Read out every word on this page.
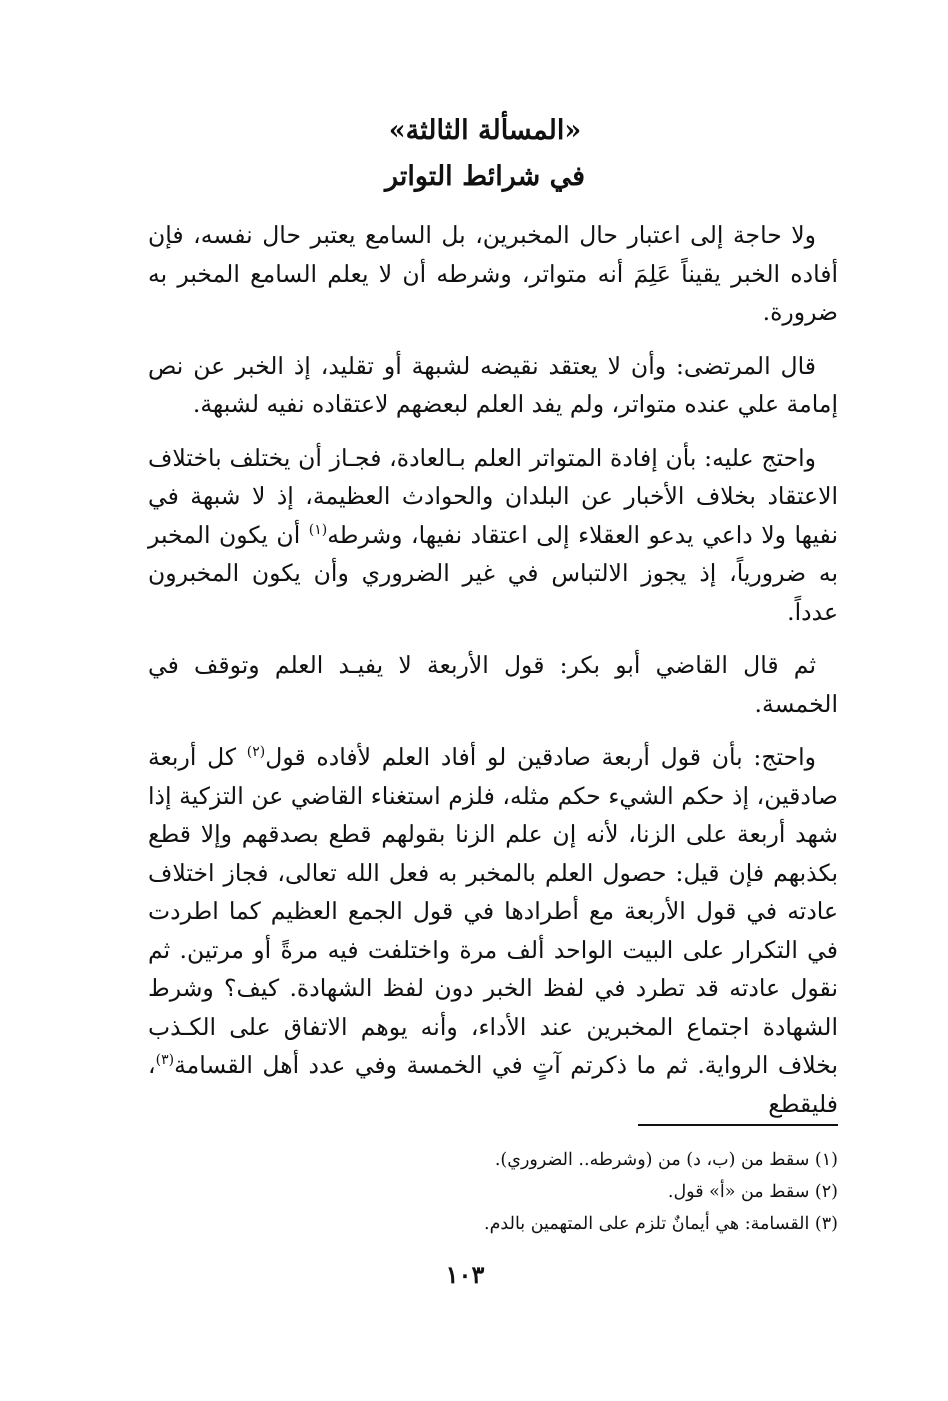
«المسألة الثالثة»
في شرائط التواتر

ولا حاجة إلى اعتبار حال المخبرين، بل السامع يعتبر حال نفسه، فإن أفاده الخبر يقيناً عَلِمَ أنه متواتر، وشرطه أن لا يعلم السامع المخبر به ضرورة.

قال المرتضى: وأن لا يعتقد نقيضه لشبهة أو تقليد، إذ الخبر عن نص إمامة علي عنده متواتر، ولم يفد العلم لبعضهم لاعتقاده نفيه لشبهة.

واحتج عليه: بأن إفادة المتواتر العلم بـالعادة، فجـاز أن يختلف باختلاف الاعتقاد بخلاف الأخبار عن البلدان والحوادث العظيمة، إذ لا شبهة في نفيها ولا داعي يدعو العقلاء إلى اعتقاد نفيها، وشرطه$^{(١)}$ أن يكون المخبر به ضرورياً، إذ يجوز الالتباس في غير الضروري وأن يكون المخبرون عدداً.

ثم قال القاضي أبو بكر: قول الأربعة لا يفيـد العلم وتوقف في الخمسة.

واحتج: بأن قول أربعة صادقين لو أفاد العلم لأفاده قول$^{(٢)}$ كل أربعة صادقين، إذ حكم الشيء حكم مثله، فلزم استغناء القاضي عن التزكية إذا شهد أربعة على الزنا، لأنه إن علم الزنا بقولهم قطع بصدقهم وإلا قطع بكذبهم فإن قيل: حصول العلم بالمخبر به فعل الله تعالى، فجاز اختلاف عادته في قول الأربعة مع أطرادها في قول الجمع العظيم كما اطردت في التكرار على البيت الواحد ألف مرة واختلفت فيه مرةً أو مرتين. ثم نقول عادته قد تطرد في لفظ الخبر دون لفظ الشهادة. كيف؟ وشرط الشهادة اجتماع المخبرين عند الأداء، وأنه يوهم الاتفاق على الكـذب بخلاف الرواية. ثم ما ذكرتم آتٍ في الخمسة وفي عدد أهل القسامة$^{(٣)}$، فليقطع

(١) سقط من (ب، د) من (وشرطه.. الضروري).

(٢) سقط من «أ» قول.

(٣) القسامة: هي أيمانٌ تلزم على المتهمين بالدم.

١٠٣
